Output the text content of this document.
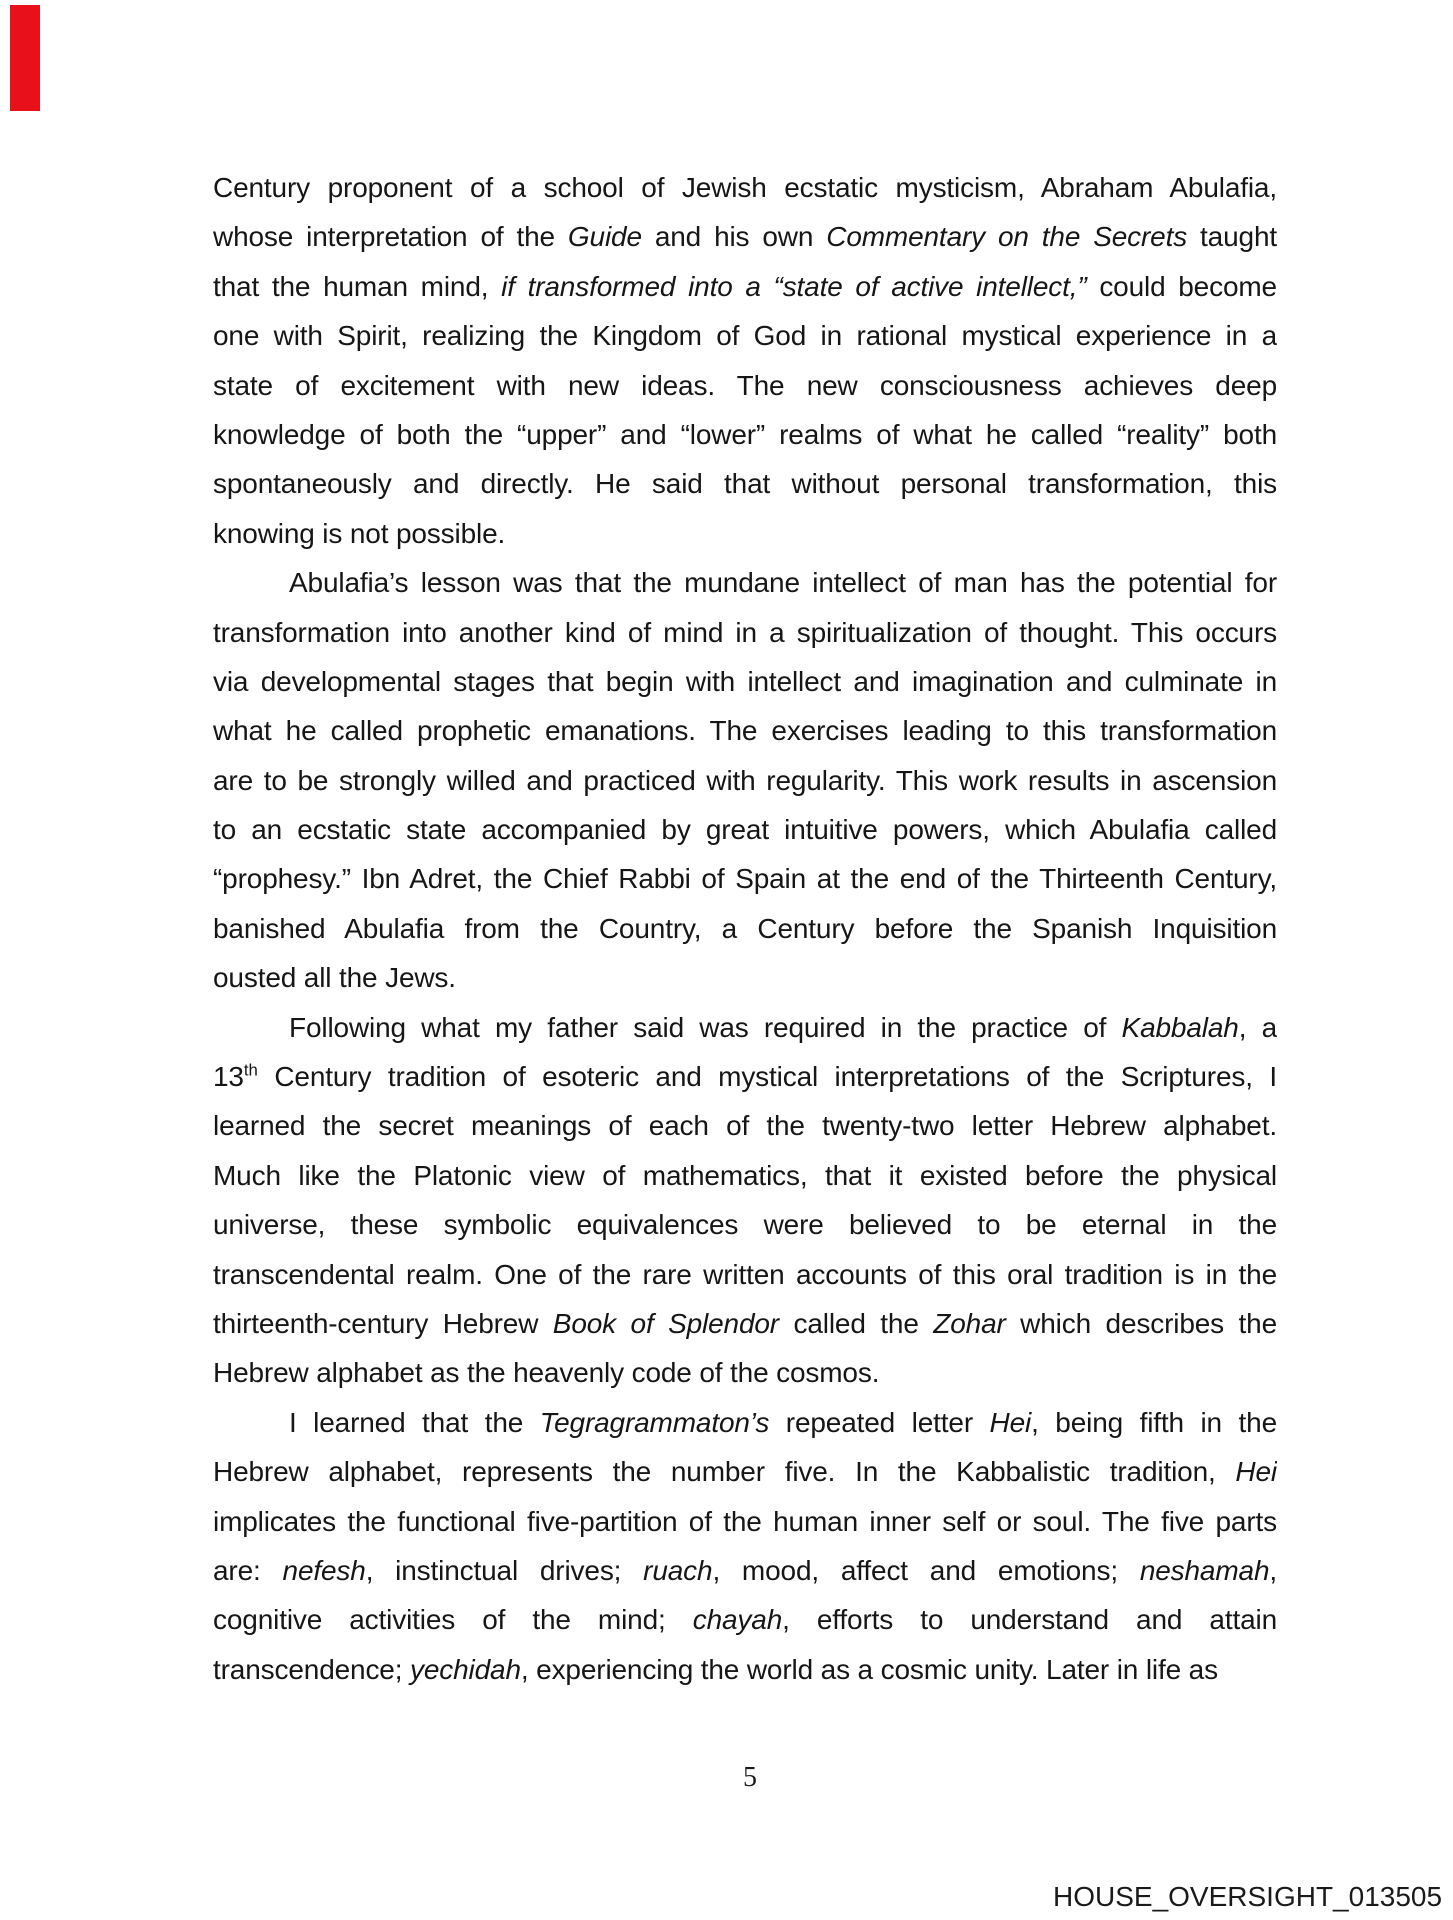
Century proponent of a school of Jewish ecstatic mysticism, Abraham Abulafia,
whose interpretation of the Guide and his own Commentary on the Secrets taught
that the human mind, if transformed into a “state of active intellect,” could become
one with Spirit, realizing the Kingdom of God in rational mystical experience in a
state of excitement with new ideas. The new consciousness achieves deep
knowledge of both the “upper” and “lower” realms of what he called “reality” both
spontaneously and directly. He said that without personal transformation, this
knowing is not possible.
Abulafia’s lesson was that the mundane intellect of man has the potential for
transformation into another kind of mind in a spiritualization of thought. This occurs
via developmental stages that begin with intellect and imagination and culminate in
what he called prophetic emanations. The exercises leading to this transformation
are to be strongly willed and practiced with regularity. This work results in ascension
to an ecstatic state accompanied by great intuitive powers, which Abulafia called
“prophesy.” Ibn Adret, the Chief Rabbi of Spain at the end of the Thirteenth Century,
banished Abulafia from the Country, a Century before the Spanish Inquisition
ousted all the Jews.
Following what my father said was required in the practice of Kabbalah, a
13th Century tradition of esoteric and mystical interpretations of the Scriptures, I
learned the secret meanings of each of the twenty-two letter Hebrew alphabet.
Much like the Platonic view of mathematics, that it existed before the physical
universe, these symbolic equivalences were believed to be eternal in the
transcendental realm. One of the rare written accounts of this oral tradition is in the
thirteenth-century Hebrew Book of Splendor called the Zohar which describes the
Hebrew alphabet as the heavenly code of the cosmos.
I learned that the Tegragrammaton’s repeated letter Hei, being fifth in the
Hebrew alphabet, represents the number five. In the Kabbalistic tradition, Hei
implicates the functional five-partition of the human inner self or soul. The five parts
are: nefesh, instinctual drives; ruach, mood, affect and emotions; neshamah,
cognitive activities of the mind; chayah, efforts to understand and attain
transcendence; yechidah, experiencing the world as a cosmic unity. Later in life as
5
HOUSE_OVERSIGHT_013505
